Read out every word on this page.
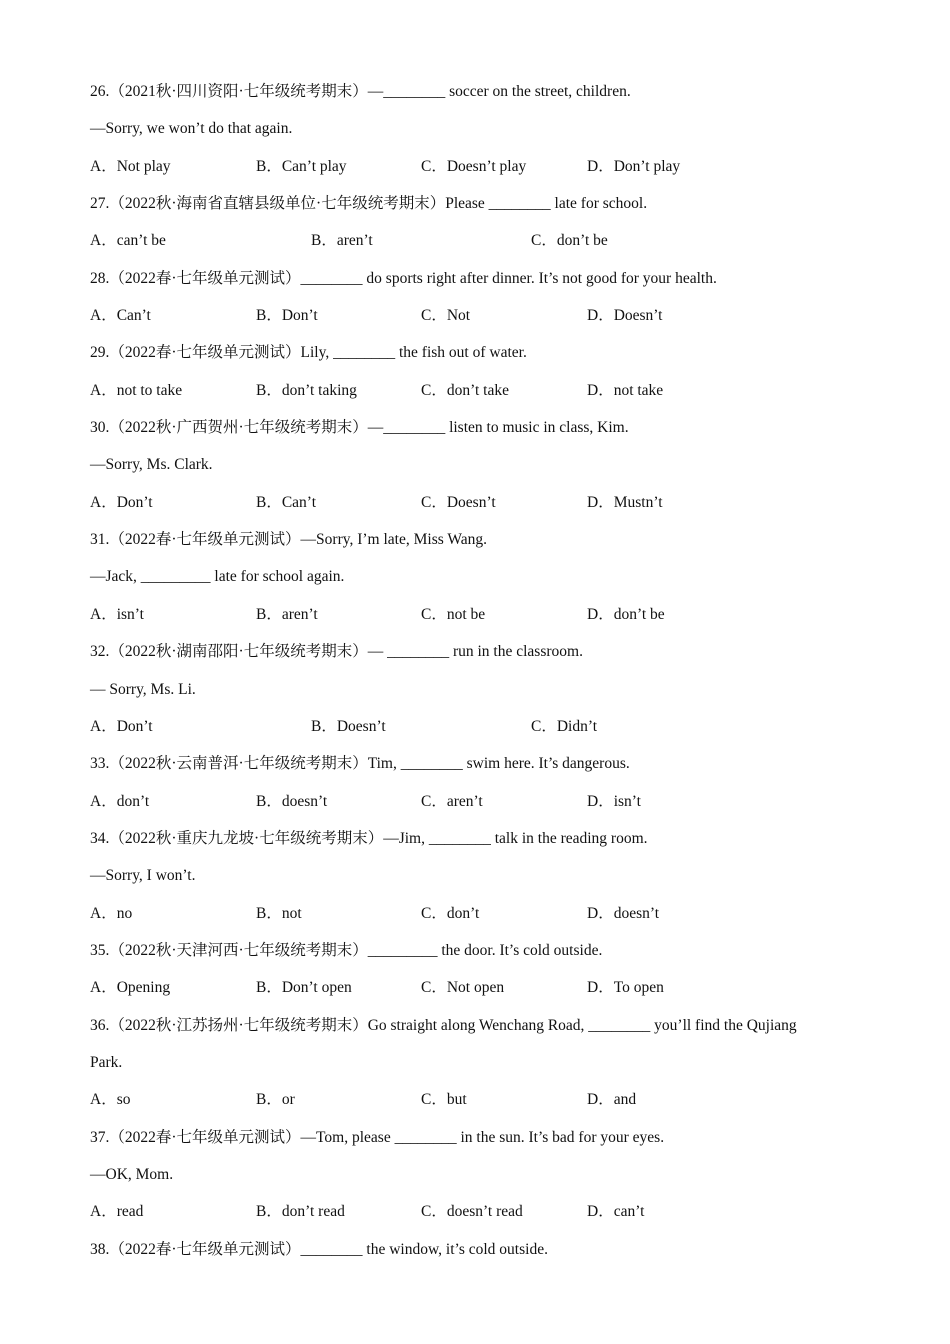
26.（2021秋·四川资阳·七年级统考期末）—________ soccer on the street, children.
—Sorry, we won’t do that again.
A．Not play	B．Can’t play	C．Doesn’t play	D．Don’t play
27.（2022秋·海南省直辖县级单位·七年级统考期末）Please ________ late for school.
A．can’t be	B．aren’t	C．don’t be
28.（2022春·七年级单元测试）________ do sports right after dinner. It’s not good for your health.
A．Can’t	B．Don’t	C．Not	D．Doesn’t
29.（2022春·七年级单元测试）Lily, ________ the fish out of water.
A．not to take	B．don’t taking	C．don’t take	D．not take
30.（2022秋·广西贺州·七年级统考期末）—________ listen to music in class, Kim.
—Sorry, Ms. Clark.
A．Don’t	B．Can’t	C．Doesn’t	D．Mustn’t
31.（2022春·七年级单元测试）—Sorry, I’m late, Miss Wang.
—Jack, _________ late for school again.
A．isn’t	B．aren’t	C．not be	D．don’t be
32.（2022秋·湖南邵阳·七年级统考期末）— ________ run in the classroom.
— Sorry, Ms. Li.
A．Don’t	B．Doesn’t	C．Didn’t
33.（2022秋·云南普洱·七年级统考期末）Tim, ________ swim here. It’s dangerous.
A．don’t	B．doesn’t	C．aren’t	D．isn’t
34.（2022秋·重庆九龙坡·七年级统考期末）—Jim, ________ talk in the reading room.
—Sorry, I won’t.
A．no	B．not	C．don’t	D．doesn’t
35.（2022秋·天津河西·七年级统考期末）_________ the door. It’s cold outside.
A．Opening	B．Don’t open	C．Not open	D．To open
36.（2022秋·江苏扬州·七年级统考期末）Go straight along Wenchang Road, ________ you’ll find the Qujiang
Park.
A．so	B．or	C．but	D．and
37.（2022春·七年级单元测试）—Tom, please ________ in the sun. It’s bad for your eyes.
—OK, Mom.
A．read	B．don’t read	C．doesn’t read	D．can’t
38.（2022春·七年级单元测试）________ the window, it’s cold outside.
